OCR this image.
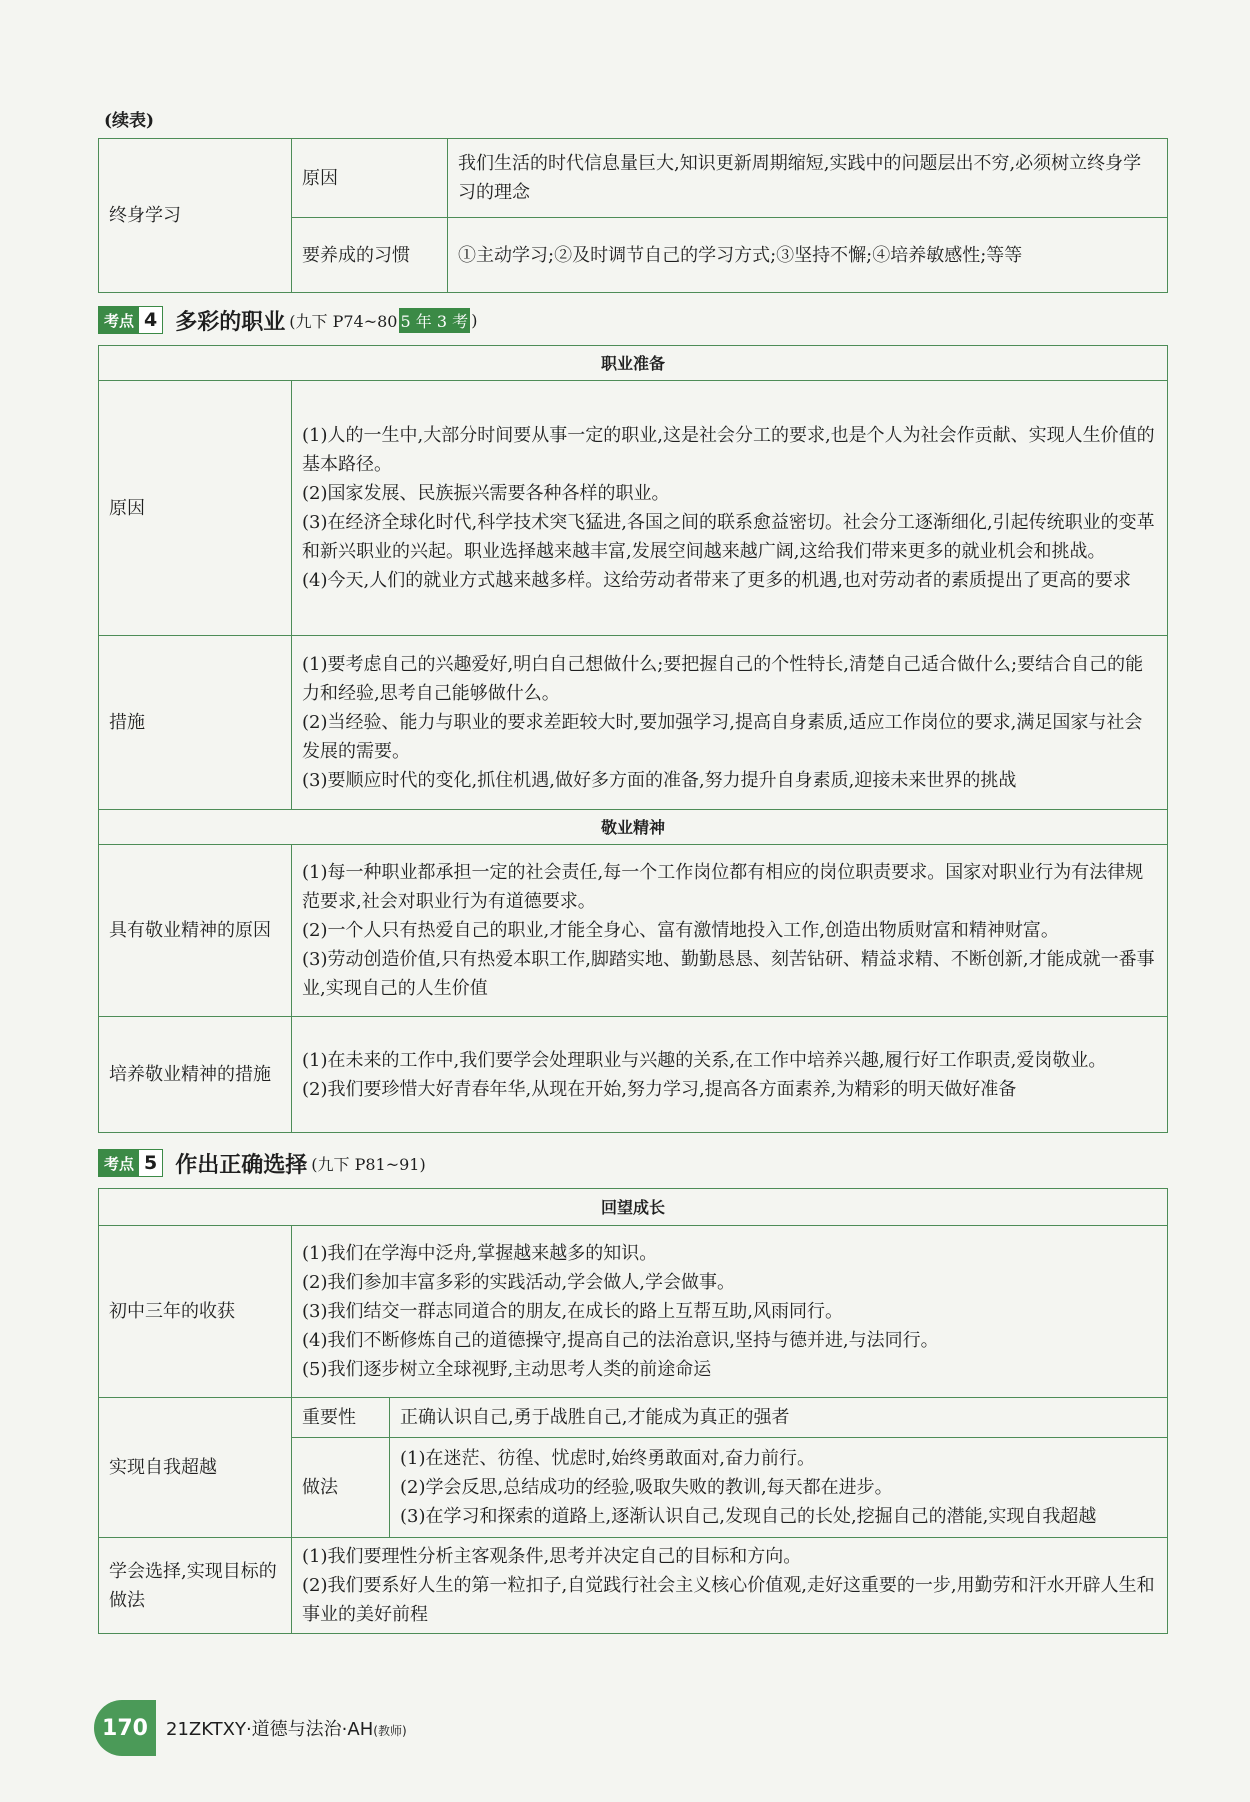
(续表)
终身学习	原因	我们生活的时代信息量巨大,知识更新周期缩短,实践中的问题层出不穷,必须树立终身学习的理念
	要养成的习惯	①主动学习;②及时调节自己的学习方式;③坚持不懈;④培养敏感性;等等
考点 4 多彩的职业 (九下 P74~80 5 年 3 考 )
职业准备	
原因	(1)人的一生中,大部分时间要从事一定的职业,这是社会分工的要求,也是个人为社会作贡献、实现人生价值的基本路径。
(2)国家发展、民族振兴需要各种各样的职业。
(3)在经济全球化时代,科学技术突飞猛进,各国之间的联系愈益密切。社会分工逐渐细化,引起传统职业的变革和新兴职业的兴起。职业选择越来越丰富,发展空间越来越广阔,这给我们带来更多的就业机会和挑战。
(4)今天,人们的就业方式越来越多样。这给劳动者带来了更多的机遇,也对劳动者的素质提出了更高的要求

措施	(1)要考虑自己的兴趣爱好,明白自己想做什么;要把握自己的个性特长,清楚自己适合做什么;要结合自己的能力和经验,思考自己能够做什么。
(2)当经验、能力与职业的要求差距较大时,要加强学习,提高自身素质,适应工作岗位的要求,满足国家与社会发展的需要。
(3)要顺应时代的变化,抓住机遇,做好多方面的准备,努力提升自身素质,迎接未来世界的挑战

敬业精神	
具有敬业精神的原因	(1)每一种职业都承担一定的社会责任,每一个工作岗位都有相应的岗位职责要求。国家对职业行为有法律规范要求,社会对职业行为有道德要求。
(2)一个人只有热爱自己的职业,才能全身心、富有激情地投入工作,创造出物质财富和精神财富。
(3)劳动创造价值,只有热爱本职工作,脚踏实地、勤勤恳恳、刻苦钻研、精益求精、不断创新,才能成就一番事业,实现自己的人生价值

培养敬业精神的措施	(1)在未来的工作中,我们要学会处理职业与兴趣的关系,在工作中培养兴趣,履行好工作职责,爱岗敬业。
(2)我们要珍惜大好青春年华,从现在开始,努力学习,提高各方面素养,为精彩的明天做好准备
考点 5 作出正确选择 (九下 P81~91)
回望成长		
初中三年的收获	(1)我们在学海中泛舟,掌握越来越多的知识。
(2)我们参加丰富多彩的实践活动,学会做人,学会做事。
(3)我们结交一群志同道合的朋友,在成长的路上互帮互助,风雨同行。
(4)我们不断修炼自己的道德操守,提高自己的法治意识,坚持与德并进,与法同行。
(5)我们逐步树立全球视野,主动思考人类的前途命运	

实现自我超越	重要性	正确认识自己,勇于战胜自己,才能成为真正的强者
	做法	(1)在迷茫、彷徨、忧虑时,始终勇敢面对,奋力前行。
(2)学会反思,总结成功的经验,吸取失败的教训,每天都在进步。
(3)在学习和探索的道路上,逐渐认识自己,发现自己的长处,挖掘自己的潜能,实现自我超越

学会选择,实现目标的做法	(1)我们要理性分析主客观条件,思考并决定自己的目标和方向。
(2)我们要系好人生的第一粒扣子,自觉践行社会主义核心价值观,走好这重要的一步,用勤劳和汗水开辟人生和事业的美好前程	
170	21ZKTXY·道德与法治·AH(教师)
